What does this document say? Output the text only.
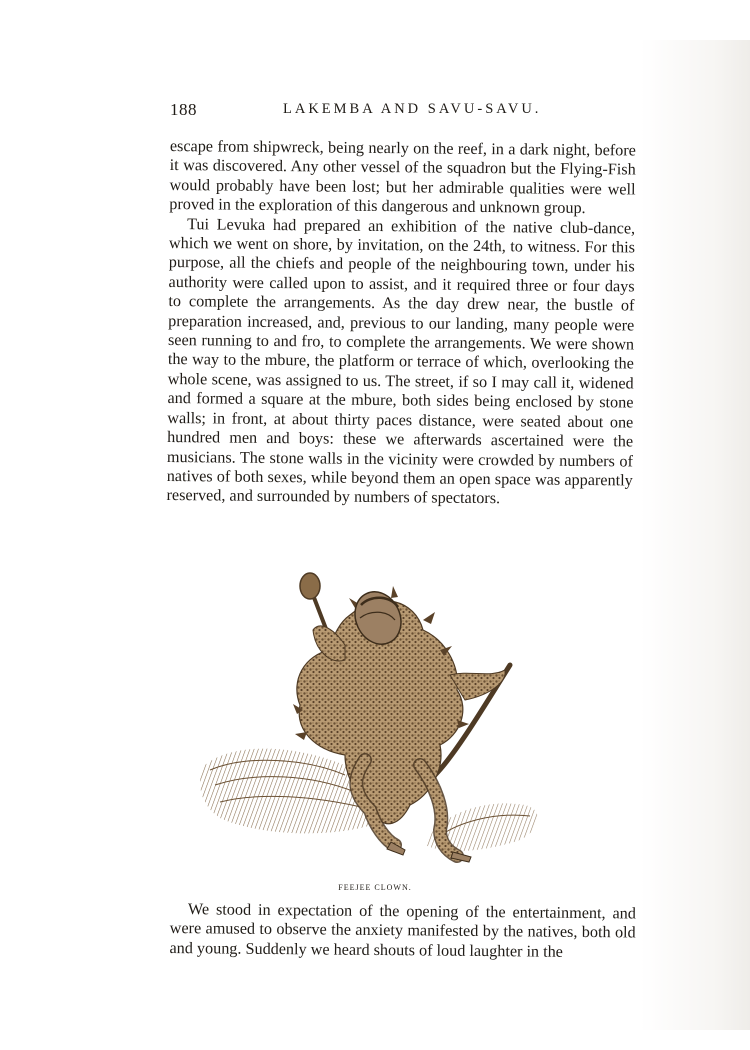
188	LAKEMBA AND SAVU-SAVU.

escape from shipwreck, being nearly on the reef, in a dark night, before it was discovered. Any other vessel of the squadron but the Flying-Fish would probably have been lost; but her admirable qualities were well proved in the exploration of this dangerous and unknown group.

Tui Levuka had prepared an exhibition of the native club-dance, which we went on shore, by invitation, on the 24th, to witness. For this purpose, all the chiefs and people of the neighbouring town, under his authority were called upon to assist, and it required three or four days to complete the arrangements. As the day drew near, the bustle of preparation increased, and, previous to our landing, many people were seen running to and fro, to complete the arrangements. We were shown the way to the mbure, the platform or terrace of which, overlooking the whole scene, was assigned to us. The street, if so I may call it, widened and formed a square at the mbure, both sides being enclosed by stone walls; in front, at about thirty paces distance, were seated about one hundred men and boys: these we afterwards ascertained were the musicians. The stone walls in the vicinity were crowded by numbers of natives of both sexes, while beyond them an open space was apparently reserved, and surrounded by numbers of spectators.

FEEJEE CLOWN.

We stood in expectation of the opening of the entertainment, and were amused to observe the anxiety manifested by the natives, both old and young. Suddenly we heard shouts of loud laughter in the
